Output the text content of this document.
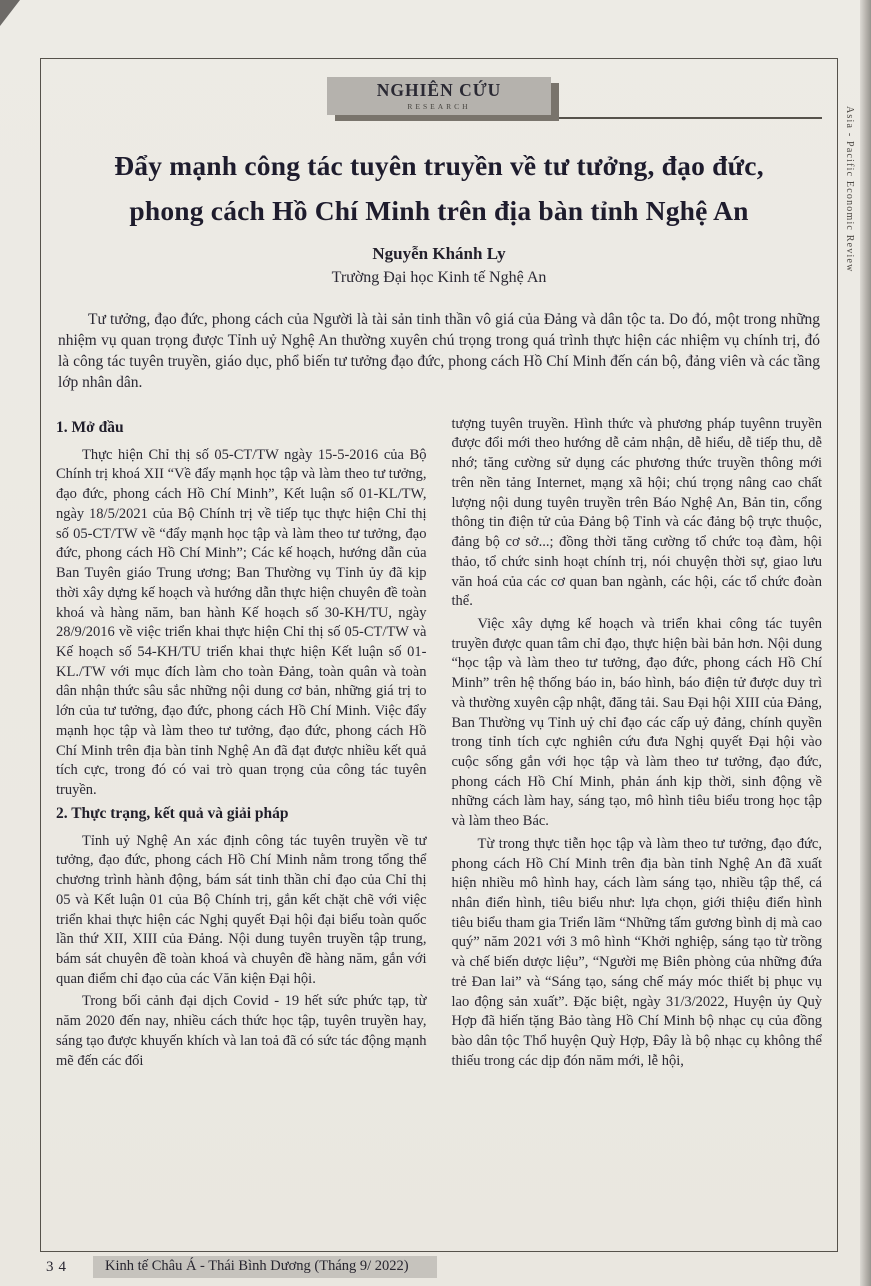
Asia - Pacific Economic Review
NGHIÊN CỨU
RESEARCH
Đẩy mạnh công tác tuyên truyền về tư tưởng, đạo đức,
phong cách Hồ Chí Minh trên địa bàn tỉnh Nghệ An
Nguyễn Khánh Ly
Trường Đại học Kinh tế Nghệ An

Tư tưởng, đạo đức, phong cách của Người là tài sản tinh thần vô giá của Đảng và dân tộc ta. Do đó, một trong những nhiệm vụ quan trọng được Tỉnh uỷ Nghệ An thường xuyên chú trọng trong quá trình thực hiện các nhiệm vụ chính trị, đó là công tác tuyên truyền, giáo dục, phổ biến tư tưởng đạo đức, phong cách Hồ Chí Minh đến cán bộ, đảng viên và các tầng lớp nhân dân.

1. Mở đầu

Thực hiện Chỉ thị số 05-CT/TW ngày 15-5-2016 của Bộ Chính trị khoá XII “Về đẩy mạnh học tập và làm theo tư tưởng, đạo đức, phong cách Hồ Chí Minh”, Kết luận số 01-KL/TW, ngày 18/5/2021 của Bộ Chính trị về tiếp tục thực hiện Chỉ thị số 05-CT/TW về “đẩy mạnh học tập và làm theo tư tưởng, đạo đức, phong cách Hồ Chí Minh”; Các kế hoạch, hướng dẫn của Ban Tuyên giáo Trung ương; Ban Thường vụ Tỉnh ủy đã kịp thời xây dựng kế hoạch và hướng dẫn thực hiện chuyên đề toàn khoá và hàng năm, ban hành Kế hoạch số 30-KH/TU, ngày 28/9/2016 về việc triển khai thực hiện Chỉ thị số 05-CT/TW và Kế hoạch số 54-KH/TU triển khai thực hiện Kết luận số 01-KL./TW với mục đích làm cho toàn Đảng, toàn quân và toàn dân nhận thức sâu sắc những nội dung cơ bản, những giá trị to lớn của tư tưởng, đạo đức, phong cách Hồ Chí Minh. Việc đẩy mạnh học tập và làm theo tư tưởng, đạo đức, phong cách Hồ Chí Minh trên địa bàn tỉnh Nghệ An đã đạt được nhiều kết quả tích cực, trong đó có vai trò quan trọng của công tác tuyên truyền.

2. Thực trạng, kết quả và giải pháp

Tỉnh uỷ Nghệ An xác định công tác tuyên truyền về tư tưởng, đạo đức, phong cách Hồ Chí Minh nằm trong tổng thể chương trình hành động, bám sát tinh thần chỉ đạo của Chỉ thị 05 và Kết luận 01 của Bộ Chính trị, gắn kết chặt chẽ với việc triển khai thực hiện các Nghị quyết Đại hội đại biểu toàn quốc lần thứ XII, XIII của Đảng. Nội dung tuyên truyền tập trung, bám sát chuyên đề toàn khoá và chuyên đề hàng năm, gắn với quan điểm chỉ đạo của các Văn kiện Đại hội.

Trong bối cảnh đại dịch Covid - 19 hết sức phức tạp, từ năm 2020 đến nay, nhiều cách thức học tập, tuyên truyền hay, sáng tạo được khuyến khích và lan toả đã có sức tác động mạnh mẽ đến các đối

tượng tuyên truyền. Hình thức và phương pháp tuyênn truyền được đổi mới theo hướng dễ cảm nhận, dễ hiểu, dễ tiếp thu, dễ nhớ; tăng cường sử dụng các phương thức truyền thông mới trên nền tảng Internet, mạng xã hội; chú trọng nâng cao chất lượng nội dung tuyên truyền trên Báo Nghệ An, Bản tin, cổng thông tin điện tử của Đảng bộ Tỉnh và các đảng bộ trực thuộc, đảng bộ cơ sở...; đồng thời tăng cường tổ chức toạ đàm, hội thảo, tổ chức sinh hoạt chính trị, nói chuyện thời sự, giao lưu văn hoá của các cơ quan ban ngành, các hội, các tổ chức đoàn thể.

Việc xây dựng kế hoạch và triển khai công tác tuyên truyền được quan tâm chỉ đạo, thực hiện bài bản hơn. Nội dung “học tập và làm theo tư tưởng, đạo đức, phong cách Hồ Chí Minh” trên hệ thống báo in, báo hình, báo điện tử được duy trì và thường xuyên cập nhật, đăng tải. Sau Đại hội XIII của Đảng, Ban Thường vụ Tỉnh uỷ chỉ đạo các cấp uỷ đảng, chính quyền trong tỉnh tích cực nghiên cứu đưa Nghị quyết Đại hội vào cuộc sống gắn với học tập và làm theo tư tưởng, đạo đức, phong cách Hồ Chí Minh, phản ánh kịp thời, sinh động về những cách làm hay, sáng tạo, mô hình tiêu biểu trong học tập và làm theo Bác.

Từ trong thực tiễn học tập và làm theo tư tưởng, đạo đức, phong cách Hồ Chí Minh trên địa bàn tỉnh Nghệ An đã xuất hiện nhiều mô hình hay, cách làm sáng tạo, nhiều tập thể, cá nhân điển hình, tiêu biểu như: lựa chọn, giới thiệu điển hình tiêu biểu tham gia Triển lãm “Những tấm gương bình dị mà cao quý” năm 2021 với 3 mô hình “Khởi nghiệp, sáng tạo từ trồng và chế biến dược liệu”, “Người mẹ Biên phòng của những đứa trẻ Đan lai” và “Sáng tạo, sáng chế máy móc thiết bị phục vụ lao động sản xuất”. Đặc biệt, ngày 31/3/2022, Huyện ủy Quỳ Hợp đã hiến tặng Bảo tàng Hồ Chí Minh bộ nhạc cụ của đồng bào dân tộc Thổ huyện Quỳ Hợp, Đây là bộ nhạc cụ không thể thiếu trong các dịp đón năm mới, lễ hội,

34	Kinh tế Châu Á - Thái Bình Dương (Tháng 9/ 2022)
